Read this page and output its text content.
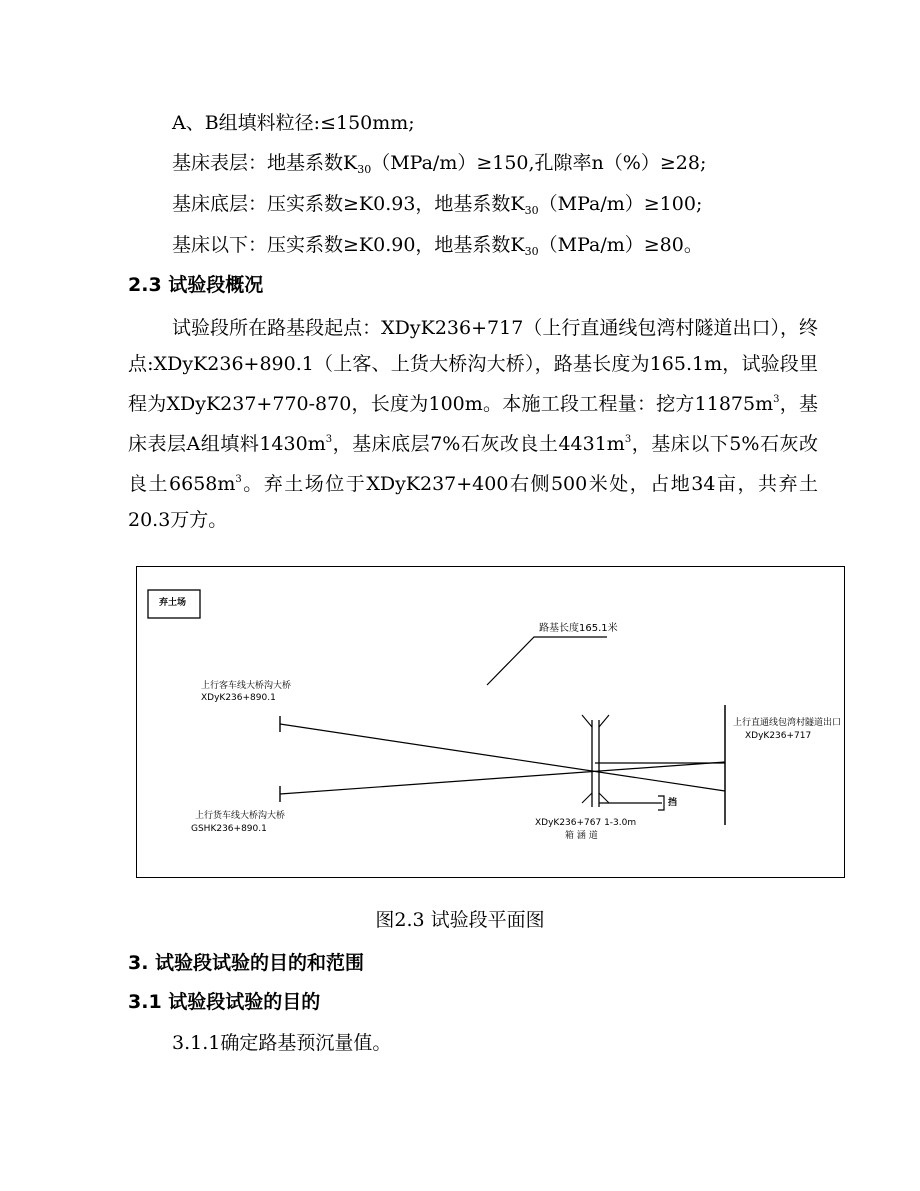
A、B组填料粒径:≤150mm;
基床表层：地基系数$K_{30}(MPa/m)\ge 150$,孔隙率n（%）≥28;
基床底层：压实系数≥K0.93，地基系数$K_{30}(MPa/m)\ge 100$;
基床以下：压实系数≥K0.90，地基系数$K_{30}(MPa/m)\ge 80$。
2.3 试验段概况
试验段所在路基段起点：XDyK236+717（上行直通线包湾村隧道出口），终点:XDyK236+890.1（上客、上货大桥沟大桥），路基长度为165.1m，试验段里程为XDyK237+770-870，长度为100m。本施工段工程量：挖方$11875m^3$，基床表层A组填料$1430m^3$，基床底层7%石灰改良土$4431m^3$，基床以下5%石灰改良土$6658m^3$。弃土场位于XDyK237+400右侧500米处，占地34亩，共弃土20.3万方。
弃土场
路基长度165.1米
上行客车线大桥沟大桥
XDyK236+890.1
上行货车线大桥沟大桥
GSHK236+890.1
上行直通线包湾村隧道出口
XDyK236+717
XDyK236+767 1-3.0m
箱 涵 道
挡
图2.3 试验段平面图
3. 试验段试验的目的和范围
3.1 试验段试验的目的
3.1.1确定路基预沉量值。
